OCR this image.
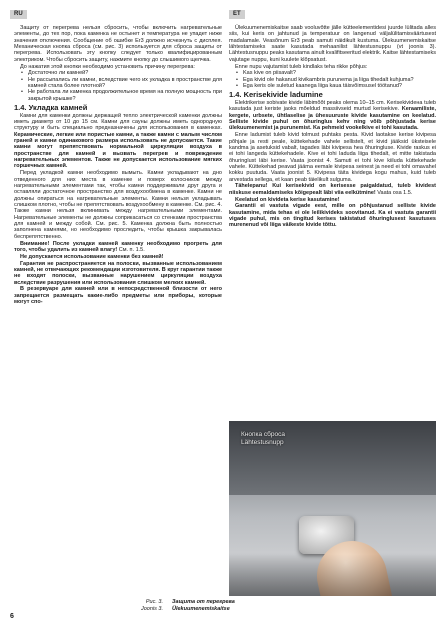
RU	ET

Защиту от перегрева нельзя сбросить, чтобы включить нагревательные элементы, до тех пор, пока каменка не остынет и температура не упадет ниже значения отключения. Сообщение об ошибке Er3 должно исчезнуть с дисплея. Механическая кнопка сброса (см. рис. 3) используется для сброса защиты от перегрева. Использовать эту кнопку следует только квалифицированным электриком. Чтобы сбросить защиту, нажмите кнопку до слышимого щелчка.

До нажатия этой кнопки необходимо установить причину перегрева:

• Достаточно ли камней?
• Не рассыпались ли камни, вследствие чего их укладка в пространстве для камней стала более плотной?
• Не работала ли каменка продолжительное время на полную мощность при закрытой крышке?

1.4. Укладка камней

Камни для каменки должны держащей тепло электрической каменки должны иметь диаметр от 10 до 15 см. Камни для сауны должны иметь однородную структуру и быть специально предназначены для использования в каменках. Керамические, легкие или пористые камни, а также камни с малым числом граней и камни одинакового размера использовать не допускается. Такие камни могут препятствовать нормальной циркуляции воздуха в пространстве для камней и вызвать перегрев и повреждение нагревательных элементов. Также не допускается использование мягких горшечных камней.

Перед укладкой камни необходимо вымыть. Камни укладывают на дно отведенного для них места в каменке и поверх колосников между нагревательными элементами так, чтобы камни поддерживали друг друга и оставляли достаточное пространство для воздухообмена в каменке. Камни не должны опираться на нагревательные элементы. Камни нельзя укладывать слишком плотно, чтобы не препятствовать воздухообмену в каменке. См. рис. 4. Также камни нельзя вклинивать между нагревательными элементами. Нагревательные элементы не должны соприкасаться со стенками пространства для камней и между собой. См. рис. 5. Каменка должна быть полностью заполнена камнями, но необходимо проследить, чтобы крышка закрывалась беспрепятственно.

Внимание! После укладки камней каменку необходимо прогреть для того, чтобы удалить из камней влагу! См. п. 1.5.

Не допускается использование каменки без камней!

Гарантия не распространяется на полоски, вызванные использованием камней, не отвечающих рекомендации изготовителя. В круг гарантии также не входят полоски, вызванные нарушением циркуляции воздуха вследствие разрушения или использования слишком мелких камней.

В резервуаре для камней или в непосредственной близости от него запрещается размещать какие-либо предметы или приборы, которые могут спо-

Ülekuumenemiskaitse saab vooluvõtte jälle kütteelementidesi juurde lülitada alles siis, kui keris on jahtunud ja temperatuur on langenud väljalülitamisväärtusest madalamale. Veasõnum Er3 peab samuti näidikult kustuma. Ülekuumenemiskaitse lähtestamiseks saate kasutada mehaanilist lähtestusnuppu (vt joonis 3). Lähtestusnuppu peaks kasutama ainult kvalifitseeritud elektrik. Kaitse lähtestamiseks vajutage nuppu, kuni kuulete klõpsatust.

Enne nupu vajutamist tuleb kindlaks teha rikke põhjus:

• Kas kive on piisavalt?
• Egа kivid ole hakanud kivikambris purunema ja liiga tihedalt kuhjuma?
• Ega keris ole suletud kaanega liiga kaua täisvõimsusel töötanud?

1.4. Kerisekivide ladumine

Elektrikerise sobivate kivide läbimõõt peaks olema 10–15 cm. Kerisekivideна tuleb kasutada just keriste jaoks mõeldud massiivseid murtud kerisekive. Keraamiliste, kergete, urbsete, ühtlaselise ja ühesuuruste kivide kasutamine on keelatud. Selliste kivide puhul on õhuringlus kehv ning võib põhjustada kerise ülekuumenemist ja purunemist. Ka pehmeid vookelkive ei tohi kasutada.

Enne ladumist tuleb kivid tolmust puhtaks pesta. Kivid laotakse kerise kivipesa põhjale ja resti peale, küttekehade vahele sellistelt, et kivid jääksid üksteisele kandma ja asetuksid vabalt, tagades läbi kivipesa hea õhuringluse. Kivide raskus ei ei tohi langeda küttekehadele. Kive ei tohi laduda liiga tihedalt, et mitte takistada õhuringlust läbi kerise. Vaata joonist 4. Samuti ei tohi kive kiiluda küttekehade vahele. Küttekehad peavad jääma eemale kivipesa seinest ja need ei tohi omavahel kokku puutuda. Vaata joonist 5. Kivipesa täita kividega kogu mahus, kuid tuleb arvestada sellega, et kaan peab täielikult sulguma.

Tähelepanu! Kui kerisekivid on kerisesse paigaldatud, tuleb kividest niiskuse eemaldamiseks kõigepealt läbi viia eelkütmine! Vaata osa 1.5.

Keelatud on kivideta kerise kasutamine!

Garantii ei vastuta vigade eest, mille on põhjustanud selliste kivide kasutamine, mida tehas ei ole leilikivideks soovitanud. Ka ei vastuta garantii vigade puhul, mis on tingitud kerises takistatud õhuringlusest kasutuses murenenud või liiga väikeste kivide tõttu.

Кнопка сброса
Lähtestusnupp
Рис. 3.
Joonis 3.
Защита от перегрева
Ülekuumenemiskaitse
6
